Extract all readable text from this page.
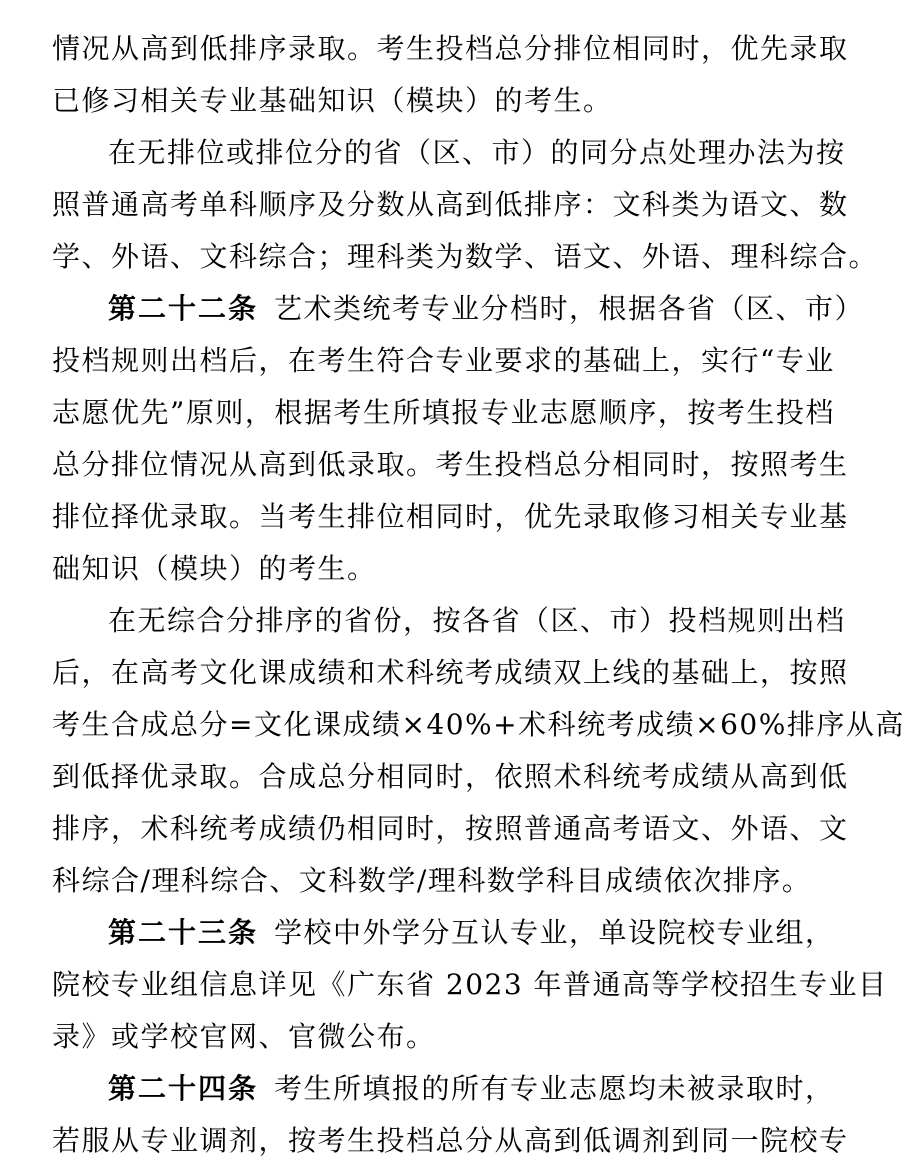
情况从高到低排序录取。考生投档总分排位相同时，优先录取
已修习相关专业基础知识（模块）的考生。
在无排位或排位分的省（区、市）的同分点处理办法为按
照普通高考单科顺序及分数从高到低排序：文科类为语文、数
学、外语、文科综合；理科类为数学、语文、外语、理科综合。
第二十二条 艺术类统考专业分档时，根据各省（区、市）
投档规则出档后，在考生符合专业要求的基础上，实行“专业
志愿优先”原则，根据考生所填报专业志愿顺序，按考生投档
总分排位情况从高到低录取。考生投档总分相同时，按照考生
排位择优录取。当考生排位相同时，优先录取修习相关专业基
础知识（模块）的考生。
在无综合分排序的省份，按各省（区、市）投档规则出档
后，在高考文化课成绩和术科统考成绩双上线的基础上，按照
考生合成总分=文化课成绩×40%+术科统考成绩×60%排序从高
到低择优录取。合成总分相同时，依照术科统考成绩从高到低
排序，术科统考成绩仍相同时，按照普通高考语文、外语、文
科综合/理科综合、文科数学/理科数学科目成绩依次排序。
第二十三条 学校中外学分互认专业，单设院校专业组，
院校专业组信息详见《广东省 2023 年普通高等学校招生专业目
录》或学校官网、官微公布。
第二十四条 考生所填报的所有专业志愿均未被录取时，
若服从专业调剂，按考生投档总分从高到低调剂到同一院校专
